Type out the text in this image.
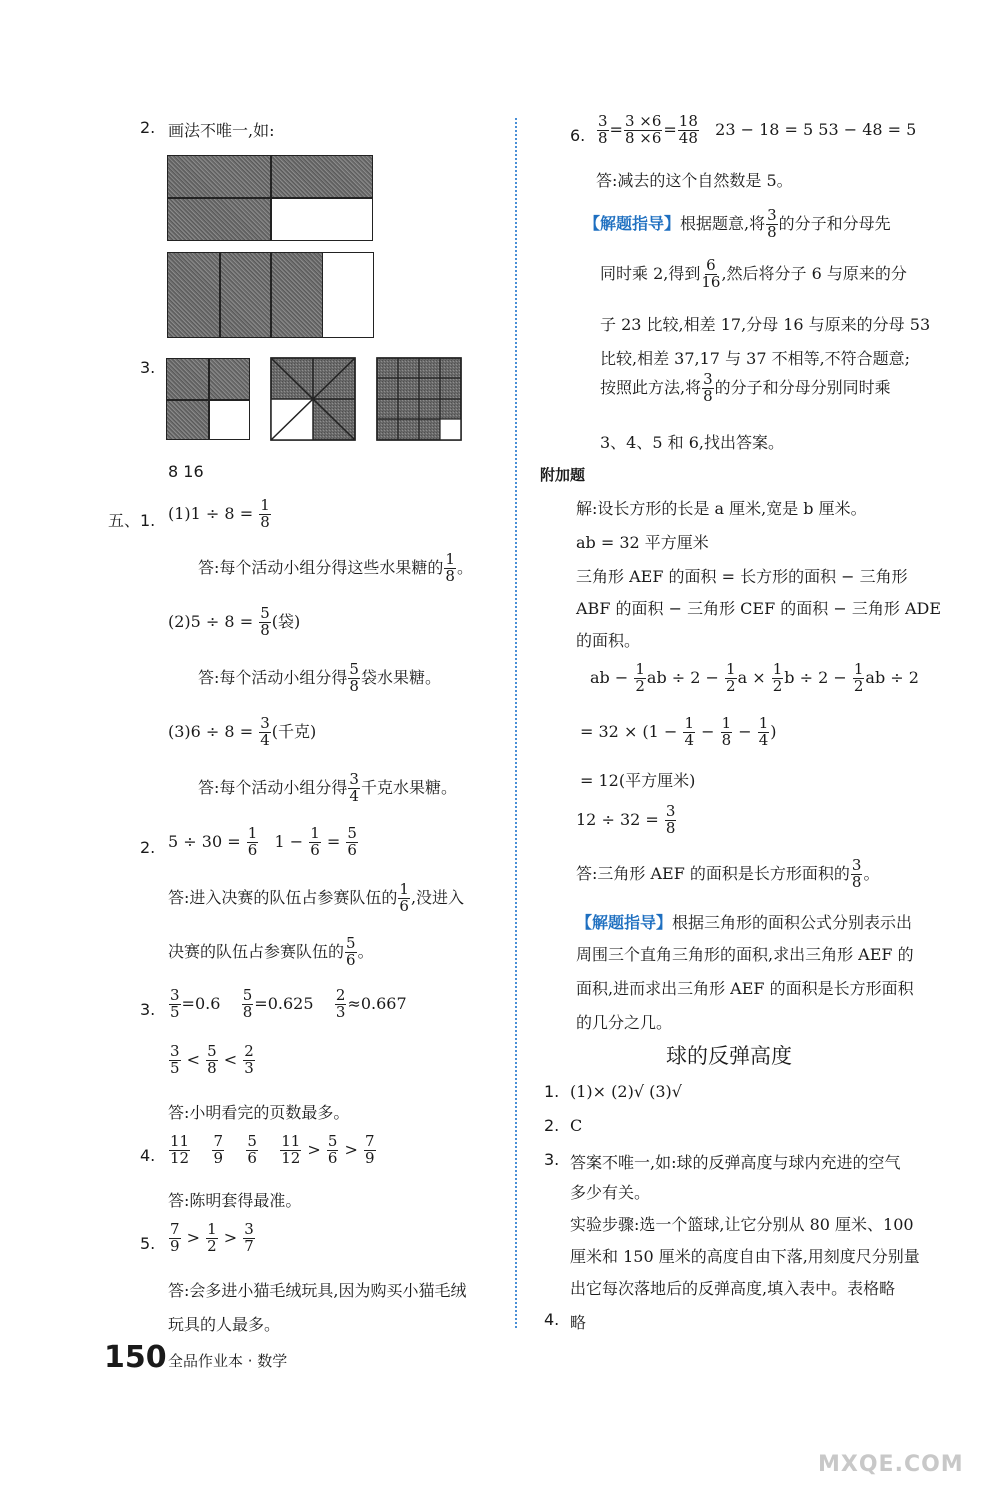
2. 画法不唯一,如:
3.
8 16
五、1. $(1)1 \div 8 = \frac{1}{8}$
答:每个活动小组分得这些水果糖的 $\frac{1}{8}$ 。
$(2)5 \div 8 = \frac{5}{8}$ (袋)
答:每个活动小组分得 $\frac{5}{8}$ 袋水果糖。
$(3)6 \div 8 = \frac{3}{4}$ (千克)
答:每个活动小组分得 $\frac{3}{4}$ 千克水果糖。
2. $5 \div 30 = \frac{1}{6} 1 - \frac{1}{6} = \frac{5}{6}$
答:进入决赛的队伍占参赛队伍的 $\frac{1}{6}$ ,没进入
决赛的队伍占参赛队伍的 $\frac{5}{6}$ 。
3. $\frac{3}{5} =0.6 \frac{5}{8} =0.625 \frac{2}{3} \approx 0.667$
$\frac{3}{5} < \frac{5}{8} < \frac{2}{3}$
答:小明看完的页数最多。
4. $\frac{11}{12}$
$\frac{7}{9}$
$\frac{5}{6}$
$\frac{11}{12} > \frac{5}{6} > \frac{7}{9}$
答:陈明套得最准。
5. $\frac{7}{9} > \frac{1}{2} > \frac{3}{7}$
答:会多进小猫毛绒玩具,因为购买小猫毛绒
玩具的人最多。
6. $\frac{3}{8} = \frac{3 \times 6}{8 \times 6} = \frac{18}{48} 23 - 18 = 5$ 53 − 48 = 5
答:减去的这个自然数是 5。
【解题指导】根据题意,将 $\frac{3}{8}$ 的分子和分母先
同时乘 2,得到 $\frac{6}{16}$ ,然后将分子 6 与原来的分
子 23 比较,相差 17,分母 16 与原来的分母 53
比较,相差 37,17 与 37 不相等,不符合题意;
按照此方法,将 $\frac{3}{8}$ 的分子和分母分别同时乘
3、4、5 和 6,找出答案。
附加题
解:设长方形的长是 a 厘米,宽是 b 厘米。
ab = 32 平方厘米
三角形 AEF 的面积 = 长方形的面积 − 三角形
ABF 的面积 − 三角形 CEF 的面积 − 三角形 ADE
的面积。
ab − $\frac{1}{2}$ ab ÷ $2 - \frac{1}{2}$ $a \times \frac{1}{2}$ $b \div 2 - \frac{1}{2}$ ab ÷ 2
= $32 \times (1 - \frac{1}{4} - \frac{1}{8} - \frac{1}{4}$ )
= 12(平方厘米)
$12 \div 32 = \frac{3}{8}$
答:三角形 AEF 的面积是长方形面积的 $\frac{3}{8}$ 。
【解题指导】根据三角形的面积公式分别表示出
周围三个直角三角形的面积,求出三角形 AEF 的
面积,进而求出三角形 AEF 的面积是长方形面积
的几分之几。
球的反弹高度
1. (1)× (2)√ (3)√
2. C
3. 答案不唯一,如:球的反弹高度与球内充进的空气
多少有关。
实验步骤:选一个篮球,让它分别从 80 厘米、100
厘米和 150 厘米的高度自由下落,用刻度尺分别量
出它每次落地后的反弹高度,填入表中。表格略
4. 略
150 全品作业本 · 数学
MXQE.COM
